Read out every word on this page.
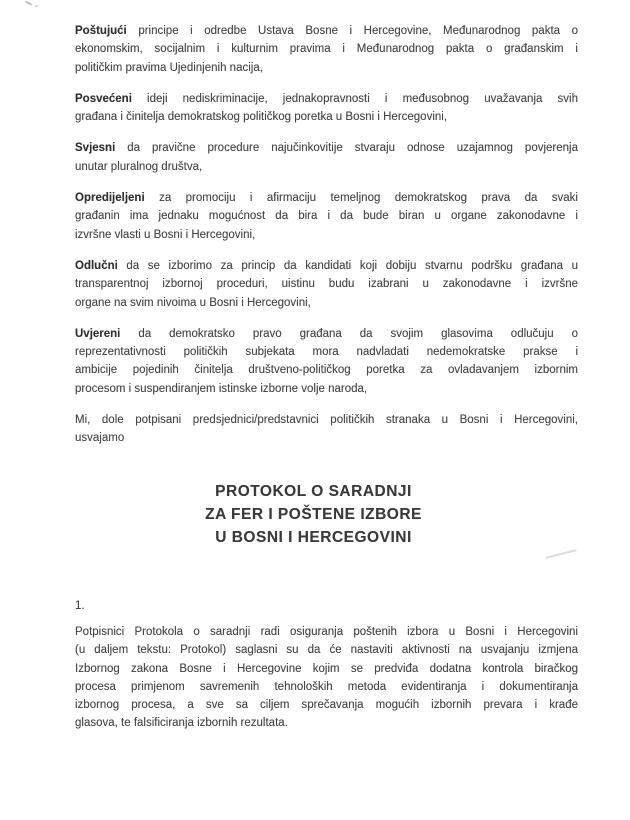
Poštujući principe i odredbe Ustava Bosne i Hercegovine, Međunarodnog pakta o
ekonomskim, socijalnim i kulturnim pravima i Međunarodnog pakta o građanskim i
političkim pravima Ujedinjenih nacija,

Posvećeni ideji nediskriminacije, jednakopravnosti i međusobnog uvažavanja svih
građana i činitelja demokratskog političkog poretka u Bosni i Hercegovini,

Svjesni da pravične procedure najučinkovitije stvaraju odnose uzajamnog povjerenja
unutar pluralnog društva,

Opredijeljeni za promociju i afirmaciju temeljnog demokratskog prava da svaki
građanin ima jednaku mogućnost da bira i da bude biran u organe zakonodavne i
izvršne vlasti u Bosni i Hercegovini,

Odlučni da se izborimo za princip da kandidati koji dobiju stvarnu podršku građana u
transparentnoj izbornoj proceduri, uistinu budu izabrani u zakonodavne i izvršne
organe na svim nivoima u Bosni i Hercegovini,

Uvjereni da demokratsko pravo građana da svojim glasovima odlučuju o
reprezentativnosti političkih subjekata mora nadvladati nedemokratske prakse i
ambicije pojedinih činitelja društveno-političkog poretka za ovladavanjem izbornim
procesom i suspendiranjem istinske izborne volje naroda,

Mi, dole potpisani predsjednici/predstavnici političkih stranaka u Bosni i Hercegovini,
usvajamo

PROTOKOL O SARADNJI
ZA FER I POŠTENE IZBORE
U BOSNI I HERCEGOVINI
1.

Potpisnici Protokola o saradnji radi osiguranja poštenih izbora u Bosni i Hercegovini
(u daljem tekstu: Protokol) saglasni su da će nastaviti aktivnosti na usvajanju izmjena
Izbornog zakona Bosne i Hercegovine kojim se predviđa dodatna kontrola biračkog
procesa primjenom savremenih tehnoloških metoda evidentiranja i dokumentiranja
izbornog procesa, a sve sa ciljem sprečavanja mogućih izbornih prevara i krađe
glasova, te falsificiranja izbornih rezultata.
